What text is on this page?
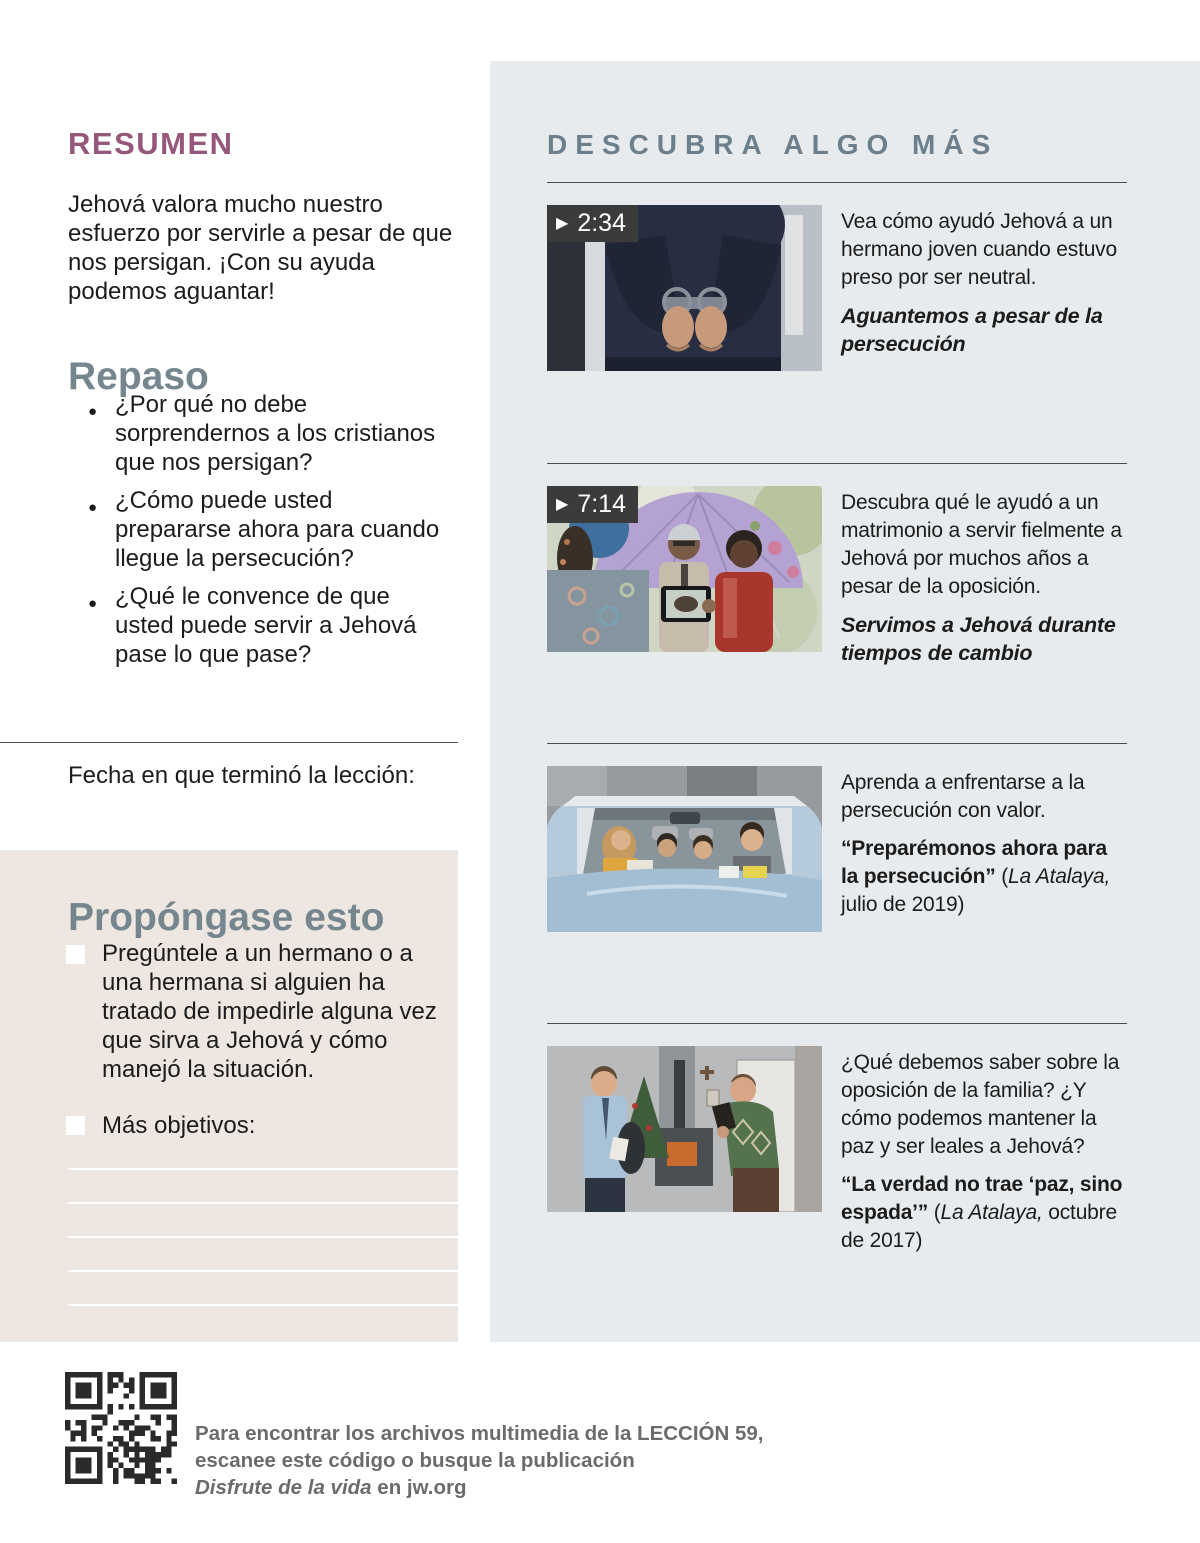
RESUMEN

Jehová valora mucho nuestro esfuerzo por servirle a pesar de que nos persigan. ¡Con su ayuda podemos aguantar!

Repaso
● ¿Por qué no debe sorprendernos a los cristianos que nos persigan?
● ¿Cómo puede usted prepararse ahora para cuando llegue la persecución?
● ¿Qué le convence de que usted puede servir a Jehová pase lo que pase?
Fecha en que terminó la lección:
Propóngase esto
Pregúntele a un hermano o a una hermana si alguien ha tratado de impedirle alguna vez que sirva a Jehová y cómo manejó la situación.
Más objetivos:
DESCUBRA ALGO MÁS
▶ 2:34	Vea cómo ayudó Jehová a un hermano joven cuando estuvo preso por ser neutral.

Aguantemos a pesar de la persecución

▶ 7:14	Descubra qué le ayudó a un matrimonio a servir fielmente a Jehová por muchos años a pesar de la oposición.

Servimos a Jehová durante tiempos de cambio

Aprenda a enfrentarse a la persecución con valor.

“Preparémonos ahora para la persecución” (La Atalaya, julio de 2019)

¿Qué debemos saber sobre la oposición de la familia? ¿Y cómo podemos mantener la paz y ser leales a Jehová?

“La verdad no trae ‘paz, sino espada’” (La Atalaya, octubre de 2017)

Para encontrar los archivos multimedia de la LECCIÓN 59,
escanee este código o busque la publicación
Disfrute de la vida en jw.org
